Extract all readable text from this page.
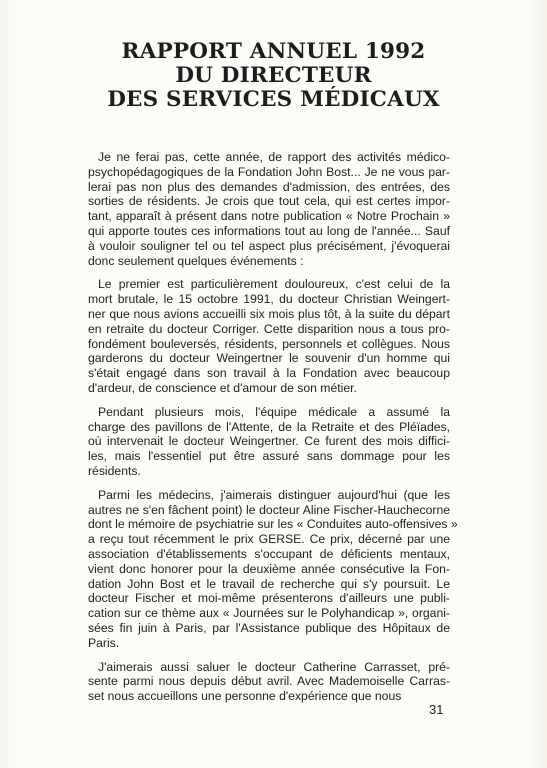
RAPPORT ANNUEL 1992
DU DIRECTEUR
DES SERVICES MÉDICAUX
Je ne ferai pas, cette année, de rapport des activités médico-
psychopédagogiques de la Fondation John Bost... Je ne vous par-
lerai pas non plus des demandes d'admission, des entrées, des
sorties de résidents. Je crois que tout cela, qui est certes impor-
tant, apparaît à présent dans notre publication « Notre Prochain »
qui apporte toutes ces informations tout au long de l'année... Sauf
à vouloir souligner tel ou tel aspect plus précisément, j'évoquerai
donc seulement quelques événements :
Le premier est particulièrement douloureux, c'est celui de la
mort brutale, le 15 octobre 1991, du docteur Christian Weingert-
ner que nous avions accueilli six mois plus tôt, à la suite du départ
en retraite du docteur Corriger. Cette disparition nous a tous pro-
fondément bouleversés, résidents, personnels et collègues. Nous
garderons du docteur Weingertner le souvenir d'un homme qui
s'était engagé dans son travail à la Fondation avec beaucoup
d'ardeur, de conscience et d'amour de son métier.
Pendant plusieurs mois, l'équipe médicale a assumé la
charge des pavillons de l'Attente, de la Retraite et des Pléïades,
où intervenait le docteur Weingertner. Ce furent des mois diffici-
les, mais l'essentiel put être assuré sans dommage pour les
résidents.
Parmi les médecins, j'aimerais distinguer aujourd'hui (que les
autres ne s'en fâchent point) le docteur Aline Fischer-Hauchecorne
dont le mémoire de psychiatrie sur les « Conduites auto-offensives »
a reçu tout récemment le prix GERSE. Ce prix, décerné par une
association d'établissements s'occupant de déficients mentaux,
vient donc honorer pour la deuxième année consécutive la Fon-
dation John Bost et le travail de recherche qui s'y poursuit. Le
docteur Fischer et moi-même présenterons d'ailleurs une publi-
cation sur ce thème aux « Journées sur le Polyhandicap », organi-
sées fin juin à Paris, par l'Assistance publique des Hôpitaux de
Paris.
J'aimerais aussi saluer le docteur Catherine Carrasset, pré-
sente parmi nous depuis début avril. Avec Mademoiselle Carras-
set nous accueillons une personne d'expérience que nous
31
